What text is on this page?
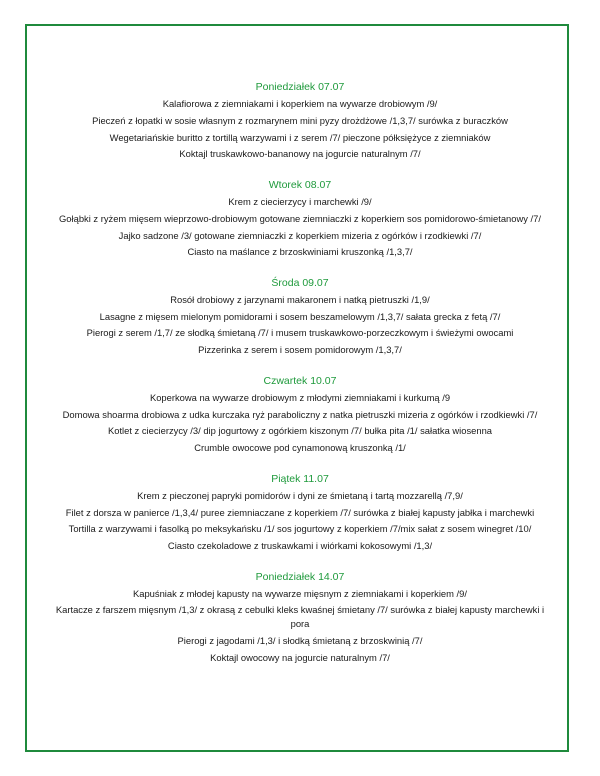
Poniedziałek 07.07

Kalafiorowa z ziemniakami i koperkiem na wywarze drobiowym /9/

Pieczeń z łopatki w sosie własnym z rozmarynem mini pyzy drożdżowe /1,3,7/ surówka z buraczków

Wegetariańskie buritto z tortillą warzywami i z serem /7/ pieczone półksiężyce z ziemniaków

Koktajl truskawkowo-bananowy na jogurcie naturalnym /7/

Wtorek 08.07

Krem z ciecierzycy i marchewki /9/

Gołąbki z ryżem mięsem wieprzowo-drobiowym gotowane ziemniaczki z koperkiem sos pomidorowo-śmietanowy /7/

Jajko sadzone /3/ gotowane ziemniaczki z koperkiem mizeria z ogórków i rzodkiewki /7/

Ciasto na maślance z brzoskwiniami kruszonką /1,3,7/

Środa 09.07

Rosół drobiowy z jarzynami makaronem i natką pietruszki /1,9/

Lasagne z mięsem mielonym pomidorami i sosem beszamelowym /1,3,7/ sałata grecka z fetą /7/

Pierogi z serem /1,7/ ze słodką śmietaną /7/ i musem truskawkowo-porzeczkowym i świeżymi owocami

Pizzerinka z serem i sosem pomidorowym /1,3,7/

Czwartek 10.07

Koperkowa na wywarze drobiowym z młodymi ziemniakami i kurkumą /9

Domowa shoarma drobiowa z udka kurczaka ryż paraboliczny z natka pietruszki mizeria z ogórków i rzodkiewki /7/

Kotlet z ciecierzycy /3/ dip jogurtowy z ogórkiem kiszonym /7/ bułka pita /1/ sałatka wiosenna

Crumble owocowe pod cynamonową kruszonką /1/

Piątek 11.07

Krem z pieczonej papryki pomidorów i dyni ze śmietaną i tartą mozzarellą /7,9/

Filet z dorsza w panierce /1,3,4/ puree ziemniaczane z koperkiem /7/ surówka z białej kapusty jabłka i marchewki

Tortilla z warzywami i fasolką po meksykańsku /1/ sos jogurtowy z koperkiem /7/mix sałat z sosem winegret /10/

Ciasto czekoladowe z truskawkami i wiórkami kokosowymi /1,3/

Poniedziałek 14.07

Kapuśniak z młodej kapusty na wywarze mięsnym z ziemniakami i koperkiem /9/

Kartacze z farszem mięsnym /1,3/ z okrasą z cebulki kleks kwaśnej śmietany /7/ surówka z białej kapusty marchewki i pora

Pierogi z jagodami /1,3/ i słodką śmietaną z brzoskwinią /7/

Koktajl owocowy na jogurcie naturalnym /7/
